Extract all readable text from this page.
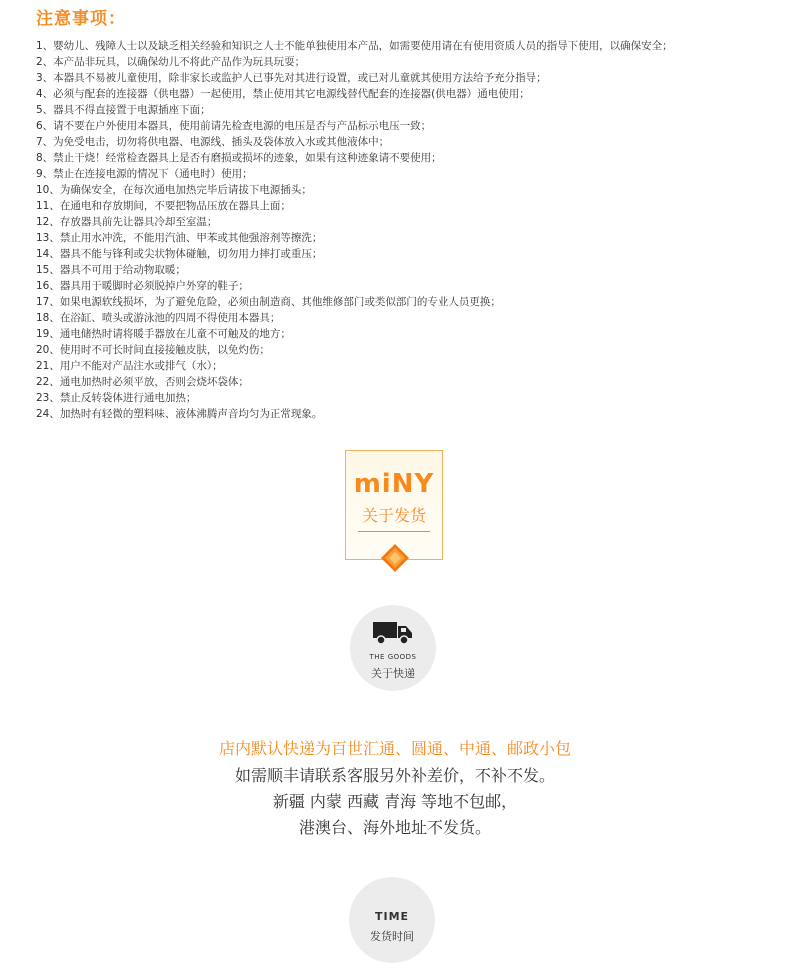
注意事项：
1、婴幼儿、残障人士以及缺乏相关经验和知识之人士不能单独使用本产品，如需要使用请在有使用资质人员的指导下使用，以确保安全；
2、本产品非玩具，以确保幼儿不将此产品作为玩具玩耍；
3、本器具不易被儿童使用，除非家长或监护人已事先对其进行设置，或已对儿童就其使用方法给予充分指导；
4、必须与配套的连接器（供电器）一起使用，禁止使用其它电源线替代配套的连接器(供电器）通电使用；
5、器具不得直接置于电源插座下面；
6、请不要在户外使用本器具，使用前请先检查电源的电压是否与产品标示电压一致；
7、为免受电击，切勿将供电器、电源线、插头及袋体放入水或其他液体中；
8、禁止干烧！经常检查器具上是否有磨损或损坏的迹象，如果有这种迹象请不要使用；
9、禁止在连接电源的情况下（通电时）使用；
10、为确保安全，在每次通电加热完毕后请拔下电源插头；
11、在通电和存放期间，不要把物品压放在器具上面；
12、存放器具前先让器具冷却至室温；
13、禁止用水冲洗，不能用汽油、甲苯或其他强溶剂等擦洗；
14、器具不能与锋利或尖状物体碰触，切勿用力摔打或重压；
15、器具不可用于给动物取暖；
16、器具用于暖脚时必须脱掉户外穿的鞋子；
17、如果电源软线损坏，为了避免危险，必须由制造商、其他维修部门或类似部门的专业人员更换；
18、在浴缸、喷头或游泳池的四周不得使用本器具；
19、通电储热时请将暖手器放在儿童不可触及的地方；
20、使用时不可长时间直接接触皮肤，以免灼伤；
21、用户不能对产品注水或排气（水）；
22、通电加热时必须平放，否则会烧坏袋体；
23、禁止反转袋体进行通电加热；
24、加热时有轻微的塑料味、液体沸腾声音均匀为正常现象。
miNY
关于发货
THE GOODS
关于快递
店内默认快递为百世汇通、圆通、中通、邮政小包
如需顺丰请联系客服另外补差价，不补不发。
新疆 内蒙 西藏 青海 等地不包邮，
港澳台、海外地址不发货。
TIME
发货时间
